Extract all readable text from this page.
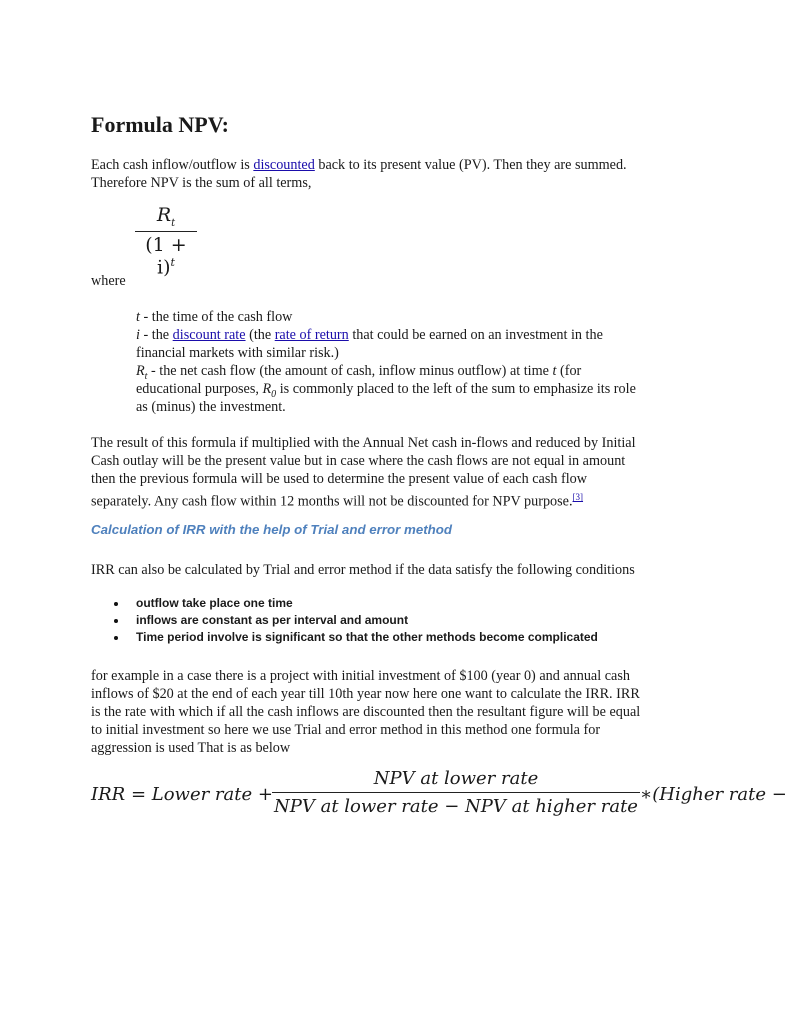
Formula NPV:
Each cash inflow/outflow is discounted back to its present value (PV). Then they are summed.
Therefore NPV is the sum of all terms,
$R_t$
$(1 + i)^t$
where
t - the time of the cash flow
i - the discount rate (the rate of return that could be earned on an investment in the
financial markets with similar risk.)
$R_t$ - the net cash flow (the amount of cash, inflow minus outflow) at time t (for
educational purposes, $R_0$ is commonly placed to the left of the sum to emphasize its role
as (minus) the investment.
The result of this formula if multiplied with the Annual Net cash in-flows and reduced by Initial
Cash outlay will be the present value but in case where the cash flows are not equal in amount
then the previous formula will be used to determine the present value of each cash flow
separately. Any cash flow within 12 months will not be discounted for NPV purpose.[3]
Calculation of IRR with the help of Trial and error method
IRR can also be calculated by Trial and error method if the data satisfy the following conditions
outflow take place one time
inflows are constant as per interval and amount
Time period involve is significant so that the other methods become complicated
for example in a case there is a project with initial investment of $100 (year 0) and annual cash
inflows of $20 at the end of each year till 10th year now here one want to calculate the IRR. IRR
is the rate with which if all the cash inflows are discounted then the resultant figure will be equal
to initial investment so here we use Trial and error method in this method one formula for
aggression is used That is as below
IRR = Lower rate +
NPV at lower rate
NPV at lower rate − NPV at higher rate
∗(Higher rate −
